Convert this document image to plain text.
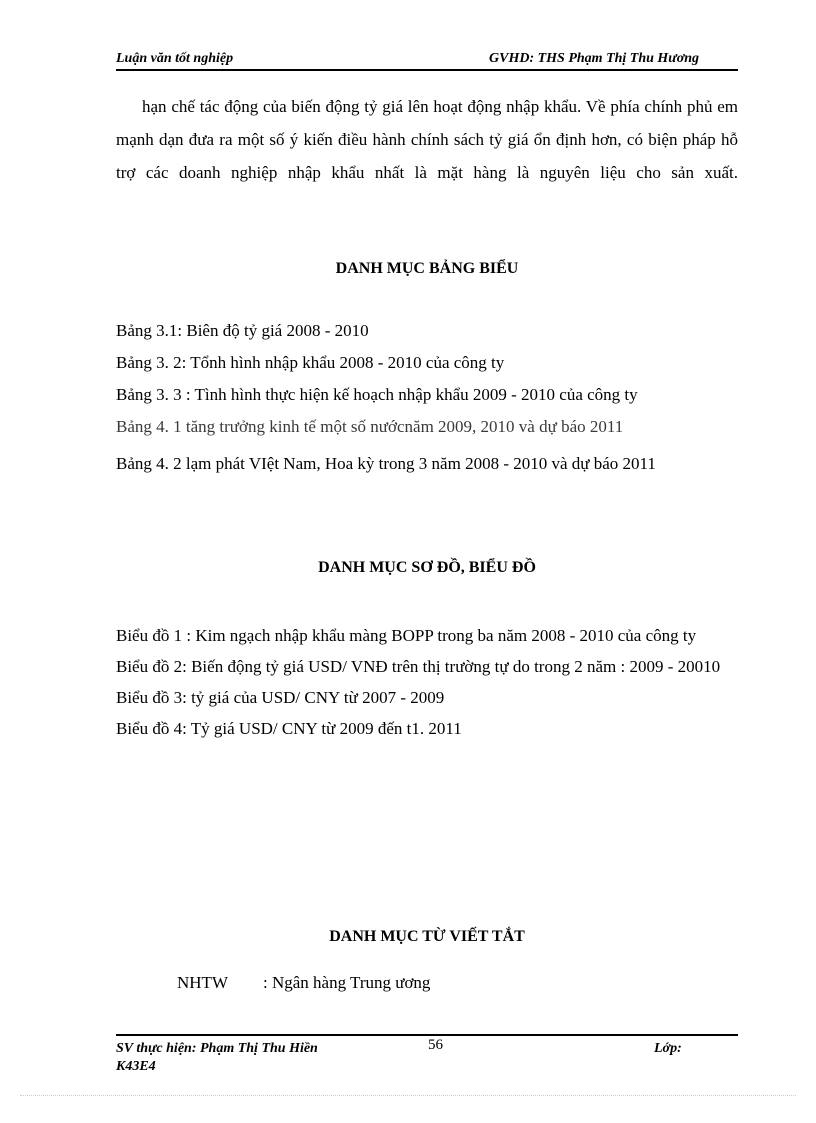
Luận văn tốt nghiệp	GVHD: THS Phạm Thị Thu Hương

hạn chế tác động của biến động tỷ giá lên hoạt động nhập khẩu. Về phía chính phủ em mạnh dạn đưa ra một số ý kiến điều hành chính sách tỷ giá ổn định hơn, có biện pháp hỗ trợ các doanh nghiệp nhập khẩu nhất là mặt hàng là nguyên liệu cho sản xuất.

DANH MỤC BẢNG BIỂU
Bảng 3.1: Biên độ tỷ giá 2008 - 2010
Bảng 3. 2: Tổnh hình nhập khẩu 2008 - 2010 của công ty
Bảng 3. 3 : Tình hình thực hiện kế hoạch nhập khẩu 2009 - 2010 của công ty
Bảng 4. 1 tăng trưởng kinh tế một số nướcnăm 2009, 2010 và dự báo 2011
Bảng 4. 2 lạm phát VIệt Nam, Hoa kỳ trong 3 năm 2008 - 2010 và dự báo 2011
DANH MỤC SƠ ĐỒ, BIỂU ĐỒ
Biểu đồ 1 : Kim ngạch nhập khẩu màng BOPP trong ba năm 2008 - 2010 của công ty
Biểu đồ 2: Biến động tỷ giá USD/ VNĐ trên thị trường tự do trong 2 năm : 2009 - 20010
Biểu đồ 3: tỷ giá của USD/ CNY từ 2007 - 2009
Biểu đồ 4: Tỷ giá USD/ CNY từ 2009 đến t1. 2011
DANH MỤC TỪ VIẾT TẮT
NHTW : Ngân hàng Trung ương
SV thực hiện: Phạm Thị Thu Hiền
K43E4
56	Lớp:
